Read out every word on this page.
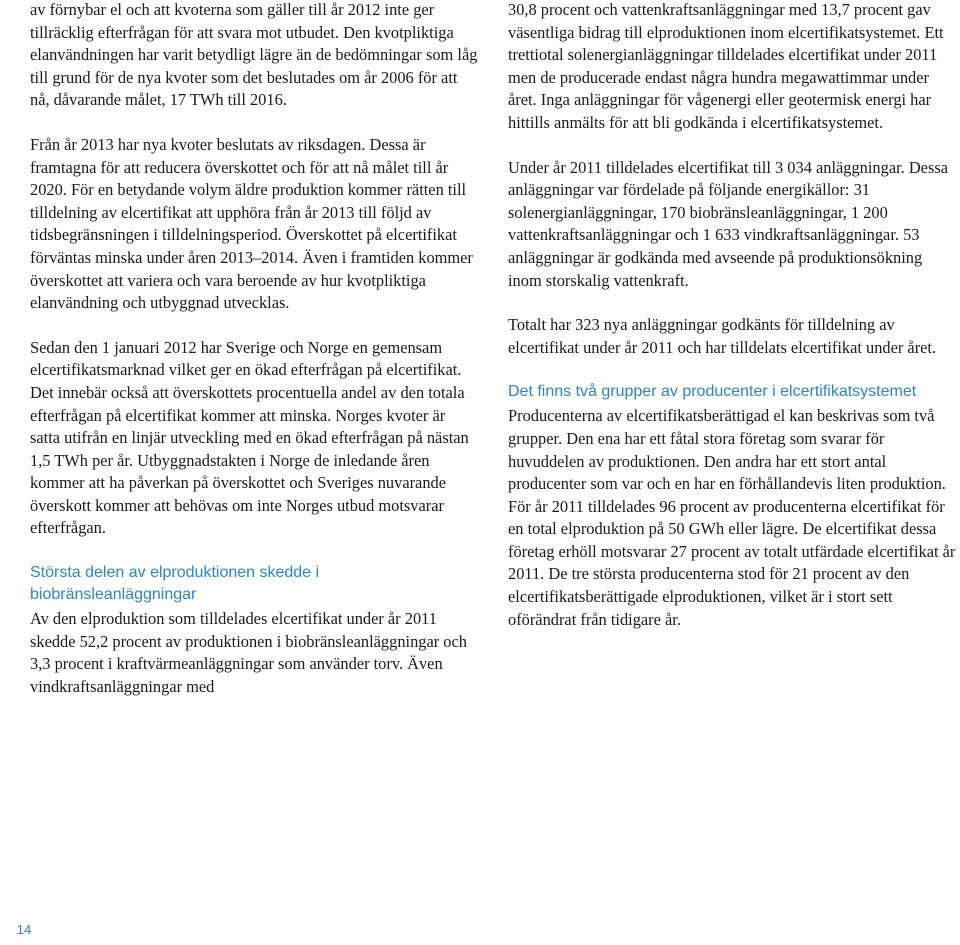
av förnybar el och att kvoterna som gäller till år 2012 inte ger tillräcklig efterfrågan för att svara mot utbudet. Den kvotpliktiga elanvändningen har varit betydligt lägre än de bedömningar som låg till grund för de nya kvoter som det beslutades om år 2006 för att nå, dåvarande målet, 17 TWh till 2016.

Från år 2013 har nya kvoter beslutats av riksdagen. Dessa är framtagna för att reducera överskottet och för att nå målet till år 2020. För en betydande volym äldre produktion kommer rätten till tilldelning av elcertifikat att upphöra från år 2013 till följd av tidsbegränsningen i tilldelningsperiod. Överskottet på elcertifikat förväntas minska under åren 2013–2014. Även i framtiden kommer överskottet att variera och vara beroende av hur kvotpliktiga elanvändning och utbyggnad utvecklas.

Sedan den 1 januari 2012 har Sverige och Norge en gemensam elcertifikatsmarknad vilket ger en ökad efterfrågan på elcertifikat. Det innebär också att överskottets procentuella andel av den totala efterfrågan på elcertifikat kommer att minska. Norges kvoter är satta utifrån en linjär utveckling med en ökad efterfrågan på nästan 1,5 TWh per år. Utbyggnadstakten i Norge de inledande åren kommer att ha påverkan på överskottet och Sveriges nuvarande överskott kommer att behövas om inte Norges utbud motsvarar efterfrågan.

Största delen av elproduktionen skedde i biobränsleanläggningar

Av den elproduktion som tilldelades elcertifikat under år 2011 skedde 52,2 procent av produktionen i biobränsleanläggningar och 3,3 procent i kraftvärmeanläggningar som använder torv. Även vindkraftsanläggningar med

30,8 procent och vattenkraftsanläggningar med 13,7 procent gav väsentliga bidrag till elproduktionen inom elcertifikatsystemet. Ett trettiotal solenergianläggningar tilldelades elcertifikat under 2011 men de producerade endast några hundra megawattimmar under året. Inga anläggningar för vågenergi eller geotermisk energi har hittills anmälts för att bli godkända i elcertifikatsystemet.

Under år 2011 tilldelades elcertifikat till 3 034 anläggningar. Dessa anläggningar var fördelade på följande energikällor: 31 solenergianläggningar, 170 biobränsleanläggningar, 1 200 vattenkraftsanläggningar och 1 633 vindkraftsanläggningar. 53 anläggningar är godkända med avseende på produktionsökning inom storskalig vattenkraft.

Totalt har 323 nya anläggningar godkänts för tilldelning av elcertifikat under år 2011 och har tilldelats elcertifikat under året.

Det finns två grupper av producenter i elcertifikatsystemet

Producenterna av elcertifikatsberättigad el kan beskrivas som två grupper. Den ena har ett fåtal stora företag som svarar för huvuddelen av produktionen. Den andra har ett stort antal producenter som var och en har en förhållandevis liten produktion. För år 2011 tilldelades 96 procent av producenterna elcertifikat för en total elproduktion på 50 GWh eller lägre. De elcertifikat dessa företag erhöll motsvarar 27 procent av totalt utfärdade elcertifikat år 2011. De tre största producenterna stod för 21 procent av den elcertifikatsberättigade elproduktionen, vilket är i stort sett oförändrat från tidigare år.

14
